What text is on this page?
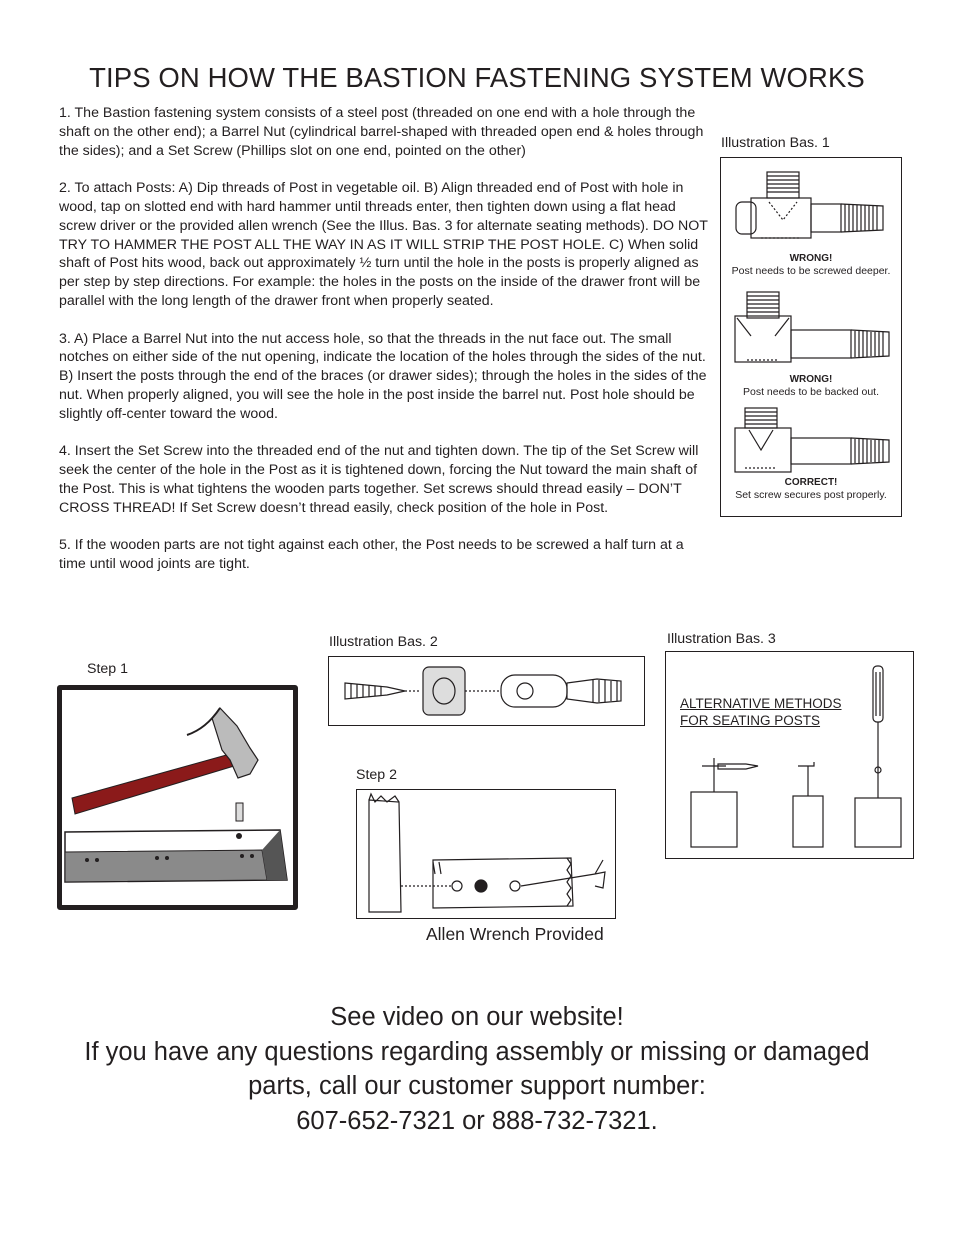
TIPS ON HOW THE BASTION FASTENING SYSTEM WORKS

1. The Bastion fastening system consists of a steel post (threaded on one end with a hole through the shaft on the other end); a Barrel Nut (cylindrical barrel-shaped with threaded open end & holes through the sides); and a Set Screw (Phillips slot on one end, pointed on the other)

2. To attach Posts: A) Dip threads of Post in vegetable oil. B) Align threaded end of Post with hole in wood, tap on slotted end with hard hammer until threads enter, then tighten down using a flat head screw driver or the provided allen wrench (See the Illus. Bas. 3 for alternate seating methods). DO NOT TRY TO HAMMER THE POST ALL THE WAY IN AS IT WILL STRIP THE POST HOLE. C) When solid shaft of Post hits wood, back out approximately ½ turn until the hole in the posts is properly aligned as per step by step directions. For example: the holes in the posts on the inside of the drawer front will be parallel with the long length of the drawer front when properly seated.

3. A) Place a Barrel Nut into the nut access hole, so that the threads in the nut face out. The small notches on either side of the nut opening, indicate the location of the holes through the sides of the nut. B) Insert the posts through the end of the braces (or drawer sides); through the holes in the sides of the nut. When properly aligned, you will see the hole in the post inside the barrel nut. Post hole should be slightly off-center toward the wood.

4. Insert the Set Screw into the threaded end of the nut and tighten down. The tip of the Set Screw will seek the center of the hole in the Post as it is tightened down, forcing the Nut toward the main shaft of the Post. This is what tightens the wooden parts together. Set screws should thread easily – DON’T CROSS THREAD! If Set Screw doesn’t thread easily, check position of the hole in Post.

5. If the wooden parts are not tight against each other, the Post needs to be screwed a half turn at a time until wood joints are tight.

Illustration Bas. 1
WRONG!
Post needs to be screwed deeper.
WRONG!
Post needs to be backed out.
CORRECT!
Set screw secures post properly.
Step 1
Illustration Bas. 2
Step 2
Allen Wrench Provided
Illustration Bas. 3
ALTERNATIVE METHODS
FOR SEATING POSTS
See video on our website!
If you have any questions regarding assembly or missing or damaged
parts, call our customer support number:
607-652-7321 or 888-732-7321.
